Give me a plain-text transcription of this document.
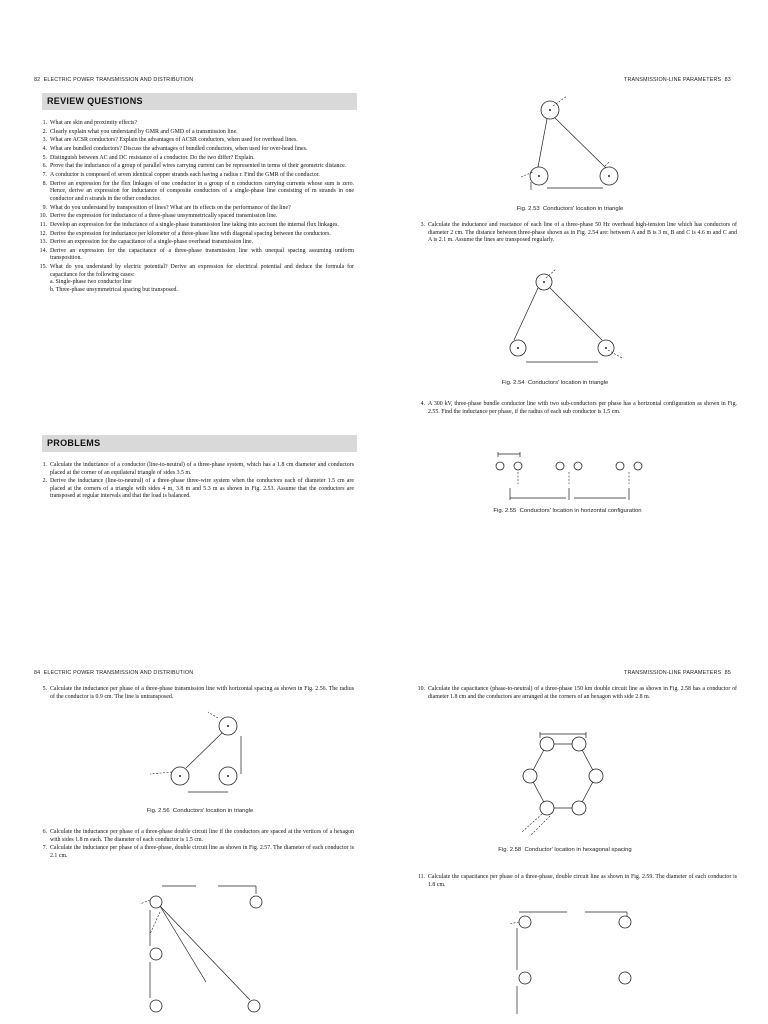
82 ELECTRIC POWER TRANSMISSION AND DISTRIBUTION
REVIEW QUESTIONS
1. What are skin and proximity effects?
2. Clearly explain what you understand by GMR and GMD of a transmission line.
3. What are ACSR conductors? Explain the advantages of ACSR conductors, when used for overhead lines.
4. What are bundled conductors? Discuss the advantages of bundled conductors, when used for over-head lines.
5. Distinguish between AC and DC resistance of a conductor. Do the two differ? Explain.
6. Prove that the inductance of a group of parallel wires carrying current can be represented in terms of their geometric distance.
7. A conductor is composed of seven identical copper strands each having a radius r. Find the GMR of the conductor.
8. Derive an expression for the flux linkages of one conductor in a group of n conductors carrying currents whose sum is zero. Hence, derive an expression for inductance of composite conductors of a single-phase line consisting of m strands in one conductor and n strands in the other conductor.
9. What do you understand by transposition of lines? What are its effects on the performance of the line?
10. Derive the expression for inductance of a three-phase unsymmetrically spaced transmission line.
11. Develop an expression for the inductance of a single-phase transmission line taking into account the internal flux linkages.
12. Derive the expression for inductance per kilometer of a three-phase line with diagonal spacing between the conductors.
13. Derive an expression for the capacitance of a single-phase overhead transmission line.
14. Derive an expression for the capacitance of a three-phase transmission line with unequal spacing assuming uniform transposition.
15. What do you understand by electric potential? Derive an expression for electrical potential and deduce the formula for capacitance for the following cases:
a. Single-phase two conductor line
b. Three-phase unsymmetrical spacing but transposed.
PROBLEMS
1. Calculate the inductance of a conductor (line-to-neutral) of a three-phase system, which has a 1.8 cm diameter and conductors placed at the corner of an equilateral triangle of sides 3.5 m.
2. Derive the inductance (line-to-neutral) of a three-phase three-wire system when the conductors each of diameter 1.5 cm are placed at the corners of a triangle with sides 4 m, 3.8 m and 5.3 m as shown in Fig. 2.53. Assume that the conductors are transposed at regular intervals and that the load is balanced.
TRANSMISSION-LINE PARAMETERS 83
Fig. 2.53 Conductors' location in triangle
3. Calculate the inductance and reactance of each line of a three-phase 50 Hz overhead high-tension line which has conductors of diameter 2 cm. The distance between three-phase shown as in Fig. 2.54 are: between A and B is 3 m, B and C is 4.6 m and C and A is 2.1 m. Assume the lines are transposed regularly.
Fig. 2.54 Conductors' location in triangle
4. A 300 kV, three-phase bundle conductor line with two sub-conductors per phase has a horizontal configuration as shown in Fig. 2.55. Find the inductance per phase, if the radius of each sub conductor is 1.5 cm.
Fig. 2.55 Conductors' location in horizontal configuration
84 ELECTRIC POWER TRANSMISSION AND DISTRIBUTION
5. Calculate the inductance per phase of a three-phase transmission line with horizontal spacing as shown in Fig. 2.56. The radius of the conductor is 0.9 cm. The line is untransposed.
Fig. 2.56 Conductors' location in triangle
6. Calculate the inductance per phase of a three-phase double circuit line if the conductors are spaced at the vertices of a hexagon with sides 1.8 m each. The diameter of each conductor is 1.5 cm.
7. Calculate the inductance per phase of a three-phase, double circuit line as shown in Fig. 2.57. The diameter of each conductor is 2.1 cm.
TRANSMISSION-LINE PARAMETERS 85
10. Calculate the capacitance (phase-to-neutral) of a three-phase 150 km double circuit line as shown in Fig. 2.58 has a conductor of diameter 1.8 cm and the conductors are arranged at the corners of an hexagon with side 2.8 m.
Fig. 2.58 Conductor' location in hexagonal spacing
11. Calculate the capacitance per phase of a three-phase, double circuit line as shown in Fig. 2.59. The diameter of each conductor is 1.8 cm.
